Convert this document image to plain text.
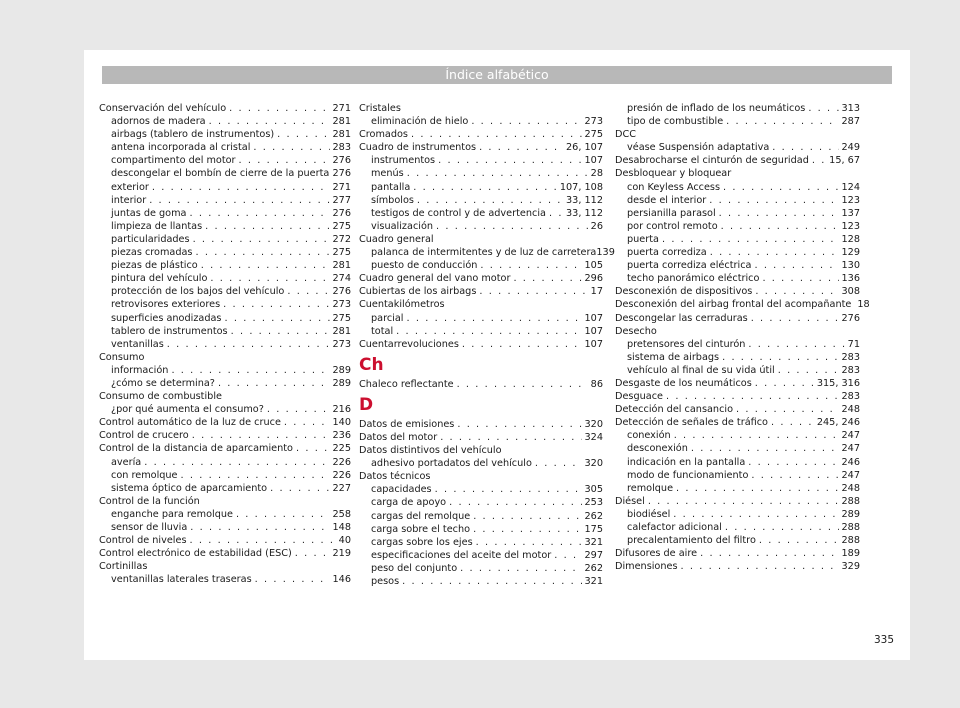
Índice alfabético
Conservación del vehículo . . .	271
adornos de madera . . .	281
airbags (tablero de instrumentos) . . .	281
antena incorporada al cristal . . .	283
compartimento del motor . . .	276
descongelar el bombín de cierre de la puerta 276
exterior . . .	271
interior . . .	277
juntas de goma . . .	276
limpieza de llantas . . .	275
particularidades . . .	272
piezas cromadas . . .	275
piezas de plástico . . .	281
pintura del vehículo . . .	274
protección de los bajos del vehículo . . .	276
retrovisores exteriores . . .	273
superficies anodizadas . . .	275
tablero de instrumentos . . .	281
ventanillas . . .	273
Consumo
información . . .	289
¿cómo se determina? . . .	289
Consumo de combustible
¿por qué aumenta el consumo? . . .	216
Control automático de la luz de cruce . . .	140
Control de crucero . . .	236
Control de la distancia de aparcamiento . . .	225
avería . . .	226
con remolque . . .	226
sistema óptico de aparcamiento . . .	227
Control de la función
enganche para remolque . . .	258
sensor de lluvia . . .	148
Control de niveles . . .	40
Control electrónico de estabilidad (ESC) . . .	219
Cortinillas
ventanillas laterales traseras . . .	146
Cristales
eliminación de hielo . . .	273
Cromados . . .	275
Cuadro de instrumentos . . .	26, 107
instrumentos . . .	107
menús . . .	28
pantalla . . .	107, 108
símbolos . . .	33, 112
testigos de control y de advertencia . . . 33, 112
visualización . . .	26
Cuadro general
palanca de intermitentes y de luz de carretera 139
puesto de conducción . . .	105
Cuadro general del vano motor . . .	296
Cubiertas de los airbags . . .	17
Cuentakilómetros
parcial . . .	107
total . . .	107
Cuentarrevoluciones . . .	107
Ch
Chaleco reflectante . . .	86
D
Datos de emisiones . . .	320
Datos del motor . . .	324
Datos distintivos del vehículo
adhesivo portadatos del vehículo . . .	320
Datos técnicos
capacidades . . .	305
carga de apoyo . . .	253
cargas del remolque . . .	262
carga sobre el techo . . .	175
cargas sobre los ejes . . .	321
especificaciones del aceite del motor . . .	297
peso del conjunto . . .	262
pesos . . .	321
presión de inflado de los neumáticos . . .	313
tipo de combustible . . .	287
DCC
véase Suspensión adaptativa . . .	249
Desabrocharse el cinturón de seguridad . . . 15, 67
Desbloquear y bloquear
con Keyless Access . . .	124
desde el interior . . .	123
persianilla parasol . . .	137
por control remoto . . .	123
puerta . . .	128
puerta corrediza . . .	129
puerta corrediza eléctrica . . .	130
techo panorámico eléctrico . . .	136
Desconexión de dispositivos . . .	308
Desconexión del airbag frontal del acompañante 18
Descongelar las cerraduras . . .	276
Desecho
pretensores del cinturón . . .	71
sistema de airbags . . .	283
vehículo al final de su vida útil . . .	283
Desgaste de los neumáticos . . .	315, 316
Desguace . . .	283
Detección del cansancio . . .	248
Detección de señales de tráfico . . .	245, 246
conexión . . .	247
desconexión . . .	247
indicación en la pantalla . . .	246
modo de funcionamiento . . .	247
remolque . . .	248
Diésel . . .	288
biodiésel . . .	289
calefactor adicional . . .	288
precalentamiento del filtro . . .	288
Difusores de aire . . .	189
Dimensiones . . .	329
335
